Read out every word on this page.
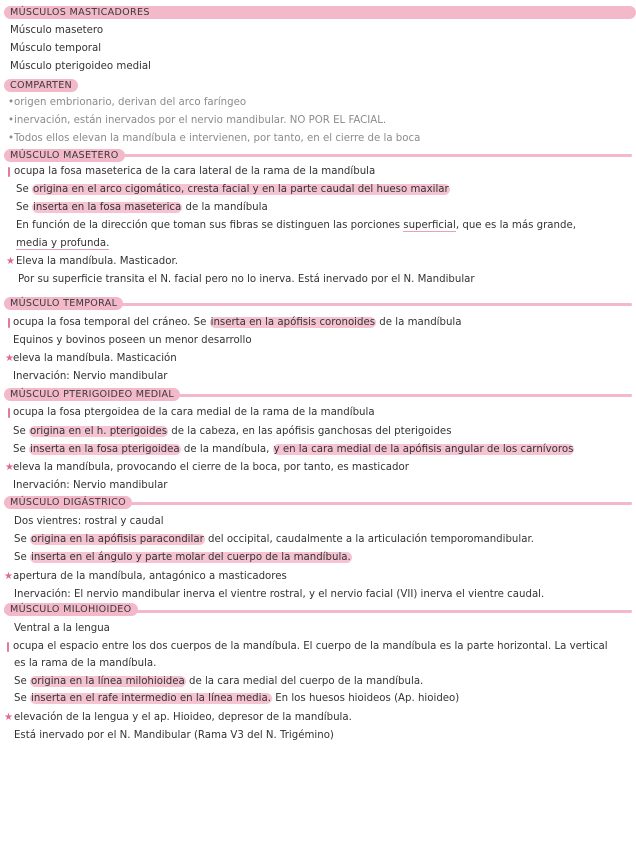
MÚSCULOS MASTICADORES
Músculo masetero
Músculo temporal
Músculo pterigoideo medial
COMPARTEN
•origen embrionario, derivan del arco faríngeo
•inervación, están inervados por el nervio mandibular. NO POR EL FACIAL.
•Todos ellos elevan la mandíbula e intervienen, por tanto, en el cierre de la boca
MÚSCULO MASETERO
ocupa la fosa maseterica de la cara lateral de la rama de la mandíbula
Se origina en el arco cigomático, cresta facial y en la parte caudal del hueso maxilar
Se inserta en la fosa maseterica de la mandíbula
En función de la dirección que toman sus fibras se distinguen las porciones superficial, que es la más grande,
media y profunda.
★ Eleva la mandíbula. Masticador.
Por su superficie transita el N. facial pero no lo inerva. Está inervado por el N. Mandibular
MÚSCULO TEMPORAL
ocupa la fosa temporal del cráneo. Se inserta en la apófisis coronoides de la mandíbula
Equinos y bovinos poseen un menor desarrollo
★ eleva la mandíbula. Masticación
Inervación: Nervio mandibular
MÚSCULO PTERIGOIDEO MEDIAL
ocupa la fosa ptergoidea de la cara medial de la rama de la mandíbula
Se origina en el h. pterigoides de la cabeza, en las apófisis ganchosas del pterigoides
Se inserta en la fosa pterigoidea de la mandíbula, y en la cara medial de la apófisis angular de los carnívoros
★ eleva la mandíbula, provocando el cierre de la boca, por tanto, es masticador
Inervación: Nervio mandibular
MÚSCULO DIGÁSTRICO
Dos vientres: rostral y caudal
Se origina en la apófisis paracondilar del occipital, caudalmente a la articulación temporomandibular.
Se inserta en el ángulo y parte molar del cuerpo de la mandíbula.
★ apertura de la mandíbula, antagónico a masticadores
Inervación: El nervio mandibular inerva el vientre rostral, y el nervio facial (VII) inerva el vientre caudal.
MÚSCULO MILOHIOIDEO
Ventral a la lengua
ocupa el espacio entre los dos cuerpos de la mandíbula. El cuerpo de la mandíbula es la parte horizontal. La vertical
es la rama de la mandíbula.
Se origina en la línea milohioidea de la cara medial del cuerpo de la mandíbula.
Se inserta en el rafe intermedio en la línea media. En los huesos hioideos (Ap. hioideo)
★ elevación de la lengua y el ap. Hioideo, depresor de la mandíbula.
Está inervado por el N. Mandibular (Rama V3 del N. Trigémino)
